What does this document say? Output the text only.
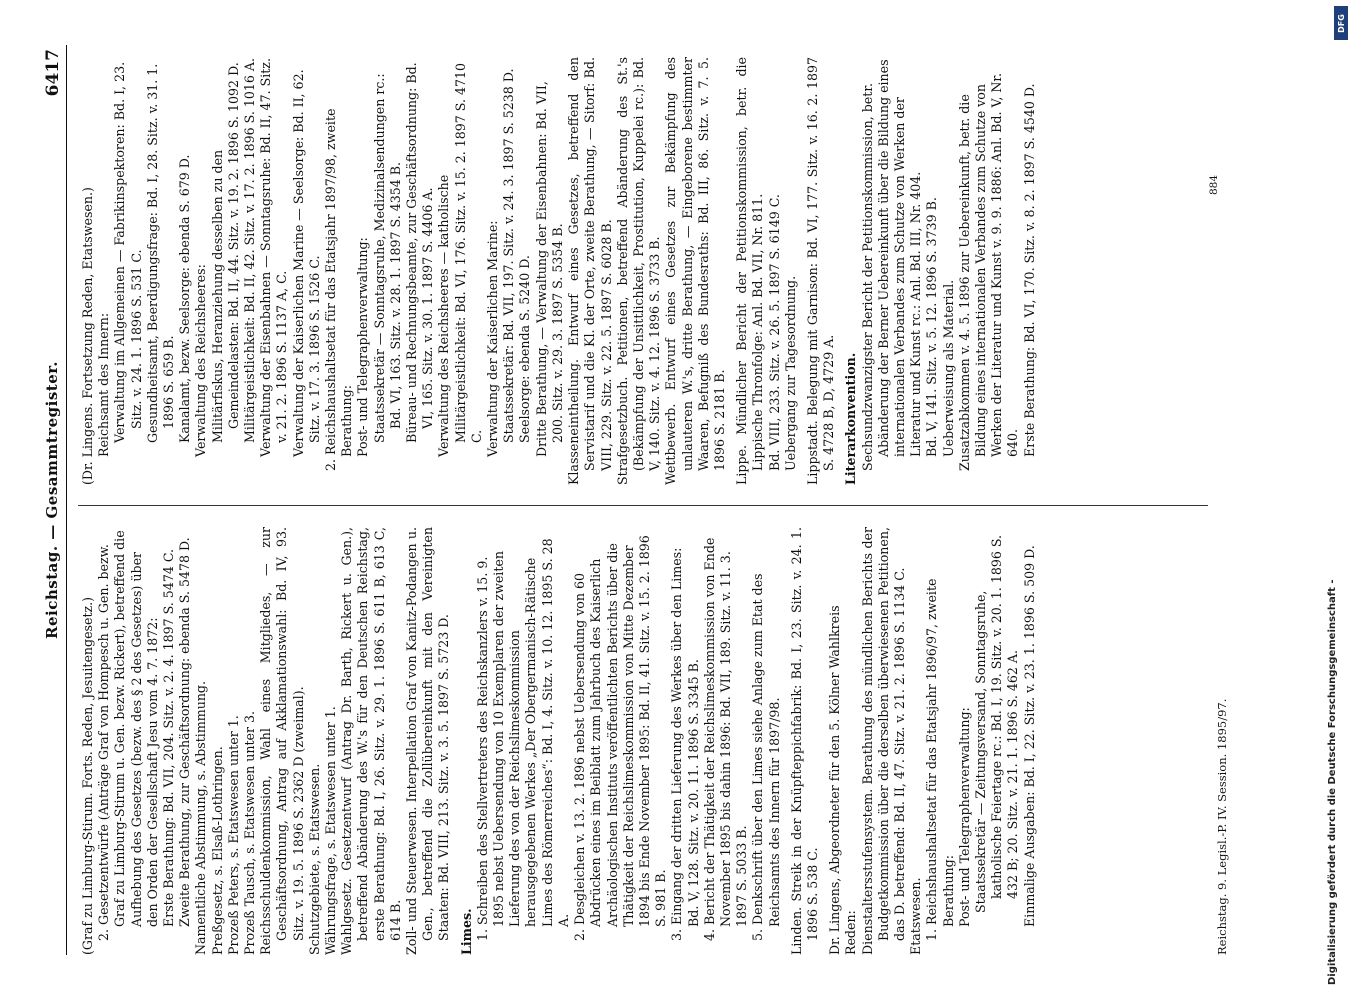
Reichstag. — Gesammtregister.
6417
(Graf zu Limburg-Stirum. Forts. Reden, Jesuitengesetz.) 2. Gesetzentwürfe (Anträge Graf von Hompesch u. Gen. bezw. Graf zu Limburg-Stirum u. Gen. bezw. Rickert), betreffend die Aufhebung des Gesetzes (bezw. des § 2 des Gesetzes) über den Orden der Gesellschaft Jesu vom 4. 7. 1872: Erste Berathung: Bd. VII, 204. Sitz. v. 2. 4. 1897 S. 5474 C. Zweite Berathung, zur Geschäftsordnung: ebenda S. 5478 D. Namentliche Abstimmung, s. Abstimmung. Preßgesetz, s. Elsaß-Lothringen. Prozeß Peters, s. Etatswesen unter 1. Prozeß Tausch, s. Etatswesen unter 3. Reichsschuldenkommission, Wahl eines Mitgliedes, — zur Geschäftsordnung, Antrag auf Akklamationswahl: Bd. IV, 93. Sitz. v. 19. 5. 1896 S. 2362 D (zweimal). Schutzgebiete, s. Etatswesen. Währungsfrage, s. Etatswesen unter 1. Wahlgesetz. Gesetzentwurf (Antrag Dr. Barth, Rickert u. Gen.), betreffend Abänderung des W.'s für den Deutschen Reichstag, erste Berathung: Bd. I, 26. Sitz. v. 29. 1. 1896 S. 611 B, 613 C, 614 B. Zoll- und Steuerwesen. Interpellation Graf von Kanitz-Podangen u. Gen., betreffend die Zollübereinkunft mit den Vereinigten Staaten: Bd. VIII, 213. Sitz. v. 3. 5. 1897 S. 5723 D. Limes. 1. Schreiben des Stellvertreters des Reichskanzlers v. 15. 9. 1895 nebst Uebersendung von 10 Exemplaren der zweiten Lieferung des von der Reichslimeskommission herausgegebenen Werkes „Der Obergermanisch-Rätische Limes des Römerreiches“: Bd. I, 4. Sitz. v. 10. 12. 1895 S. 28 A. 2. Desgleichen v. 13. 2. 1896 nebst Uebersendung von 60 Abdrücken eines im Beiblatt zum Jahrbuch des Kaiserlich Archäologischen Instituts veröffentlichten Berichts über die Thätigkeit der Reichslimeskommission von Mitte Dezember 1894 bis Ende November 1895: Bd. II, 41. Sitz. v. 15. 2. 1896 S. 981 B. 3. Eingang der dritten Lieferung des Werkes über den Limes: Bd. V, 128. Sitz. v. 20. 11. 1896 S. 3345 B. 4. Bericht der Thätigkeit der Reichslimeskommission von Ende November 1895 bis dahin 1896: Bd. VII, 189. Sitz. v. 11. 3. 1897 S. 5033 B. 5. Denkschrift über den Limes siehe Anlage zum Etat des Reichsamts des Innern für 1897/98. Linden. Streik in der Knüpfteppichfabrik: Bd. I, 23. Sitz. v. 24. 1. 1896 S. 538 C. Dr. Lingens, Abgeordneter für den 5. Kölner Wahlkreis Reden: Dienstaltersstufensystem. Berathung des mündlichen Berichts der Budgetkommission über die derselben überwiesenen Petitionen, das D. betreffend: Bd. II, 47. Sitz. v. 21. 2. 1896 S. 1134 C. Etatswesen. 1. Reichshaushaltsetat für das Etatsjahr 1896/97, zweite Berathung: Post- und Telegraphenverwaltung: Staatssekretär — Zeitungsversand, Sonntagsruhe, katholische Feiertage rc.: Bd. I, 19. Sitz. v. 20. 1. 1896 S. 432 B; 20. Sitz. v. 21. 1. 1896 S. 462 A. Einmalige Ausgaben: Bd. I, 22. Sitz. v. 23. 1. 1896 S. 509 D.
(Dr. Lingens. Fortsetzung Reden, Etatswesen.) Reichsamt des Innern: Verwaltung im Allgemeinen — Fabrikinspektoren: Bd. I, 23. Sitz. v. 24. 1. 1896 S. 531 C. Gesundheitsamt, Beerdigungsfrage: Bd. I, 28. Sitz. v. 31. 1. 1896 S. 659 B. Kanalamt, bezw. Seelsorge: ebenda S. 679 D. Verwaltung des Reichsheeres: Militärfiskus, Heranziehung desselben zu den Gemeindelasten: Bd. II, 44. Sitz. v. 19. 2. 1896 S. 1092 D. Militärgeistlichkeit: Bd. II, 42. Sitz. v. 17. 2. 1896 S. 1016 A. Verwaltung der Eisenbahnen — Sonntagsruhe: Bd. II, 47. Sitz. v. 21. 2. 1896 S. 1137 A, C. Verwaltung der Kaiserlichen Marine — Seelsorge: Bd. II, 62. Sitz. v. 17. 3. 1896 S. 1526 C. 2. Reichshaushaltsetat für das Etatsjahr 1897/98, zweite Berathung: Post- und Telegraphenverwaltung: Staatssekretär — Sonntagsruhe, Medizinalsendungen rc.: Bd. VI, 163. Sitz. v. 28. 1. 1897 S. 4354 B. Büreau- und Rechnungsbeamte, zur Geschäftsordnung: Bd. VI, 165. Sitz. v. 30. 1. 1897 S. 4406 A. Verwaltung des Reichsheeres — katholische Militärgeistlichkeit: Bd. VI, 176. Sitz. v. 15. 2. 1897 S. 4710 C. Verwaltung der Kaiserlichen Marine: Staatssekretär: Bd. VII, 197. Sitz. v. 24. 3. 1897 S. 5238 D. Seelsorge: ebenda S. 5240 D. Dritte Berathung, — Verwaltung der Eisenbahnen: Bd. VII, 200. Sitz. v. 29. 3. 1897 S. 5354 B. Klasseneintheilung. Entwurf eines Gesetzes, betreffend den Servistarif und die Kl. der Orte, zweite Berathung, — Sitorf: Bd. VIII, 229. Sitz. v. 22. 5. 1897 S. 6028 B. Strafgesetzbuch. Petitionen, betreffend Abänderung des St.'s (Bekämpfung der Unsittlichkeit, Prostitution, Kuppelei rc.): Bd. V, 140. Sitz. v. 4. 12. 1896 S. 3733 B. Wettbewerb. Entwurf eines Gesetzes zur Bekämpfung des unlauteren W.'s, dritte Berathung, — Eingeborene bestimmter Waaren, Befugniß des Bundesraths: Bd. III, 86. Sitz. v. 7. 5. 1896 S. 2181 B. Lippe. Mündlicher Bericht der Petitionskommission, betr. die Lippische Thronfolge: Anl. Bd. VII, Nr. 811. Bd. VIII, 233. Sitz. v. 26. 5. 1897 S. 6149 C. Uebergang zur Tagesordnung. Lippstadt. Belegung mit Garnison: Bd. VI, 177. Sitz. v. 16. 2. 1897 S. 4728 B, D, 4729 A. Literarkonvention. Sechsundzwanzigster Bericht der Petitionskommission, betr. Abänderung der Berner Uebereinkunft über die Bildung eines internationalen Verbandes zum Schutze von Werken der Literatur und Kunst rc.: Anl. Bd. III, Nr. 404. Bd. V, 141. Sitz. v. 5. 12. 1896 S. 3739 B. Ueberweisung als Material. Zusatzabkommen v. 4. 5. 1896 zur Uebereinkunft, betr. die Bildung eines internationalen Verbandes zum Schutze von Werken der Literatur und Kunst v. 9. 9. 1886: Anl. Bd. V, Nr. 640. Erste Berathung: Bd. VI, 170. Sitz. v. 8. 2. 1897 S. 4540 D.
Reichstag. 9. Legisl.-P. IV. Session. 1895/97.
884
Digitalisierung gefördert durch die Deutsche Forschungsgemeinschaft -
DFG
